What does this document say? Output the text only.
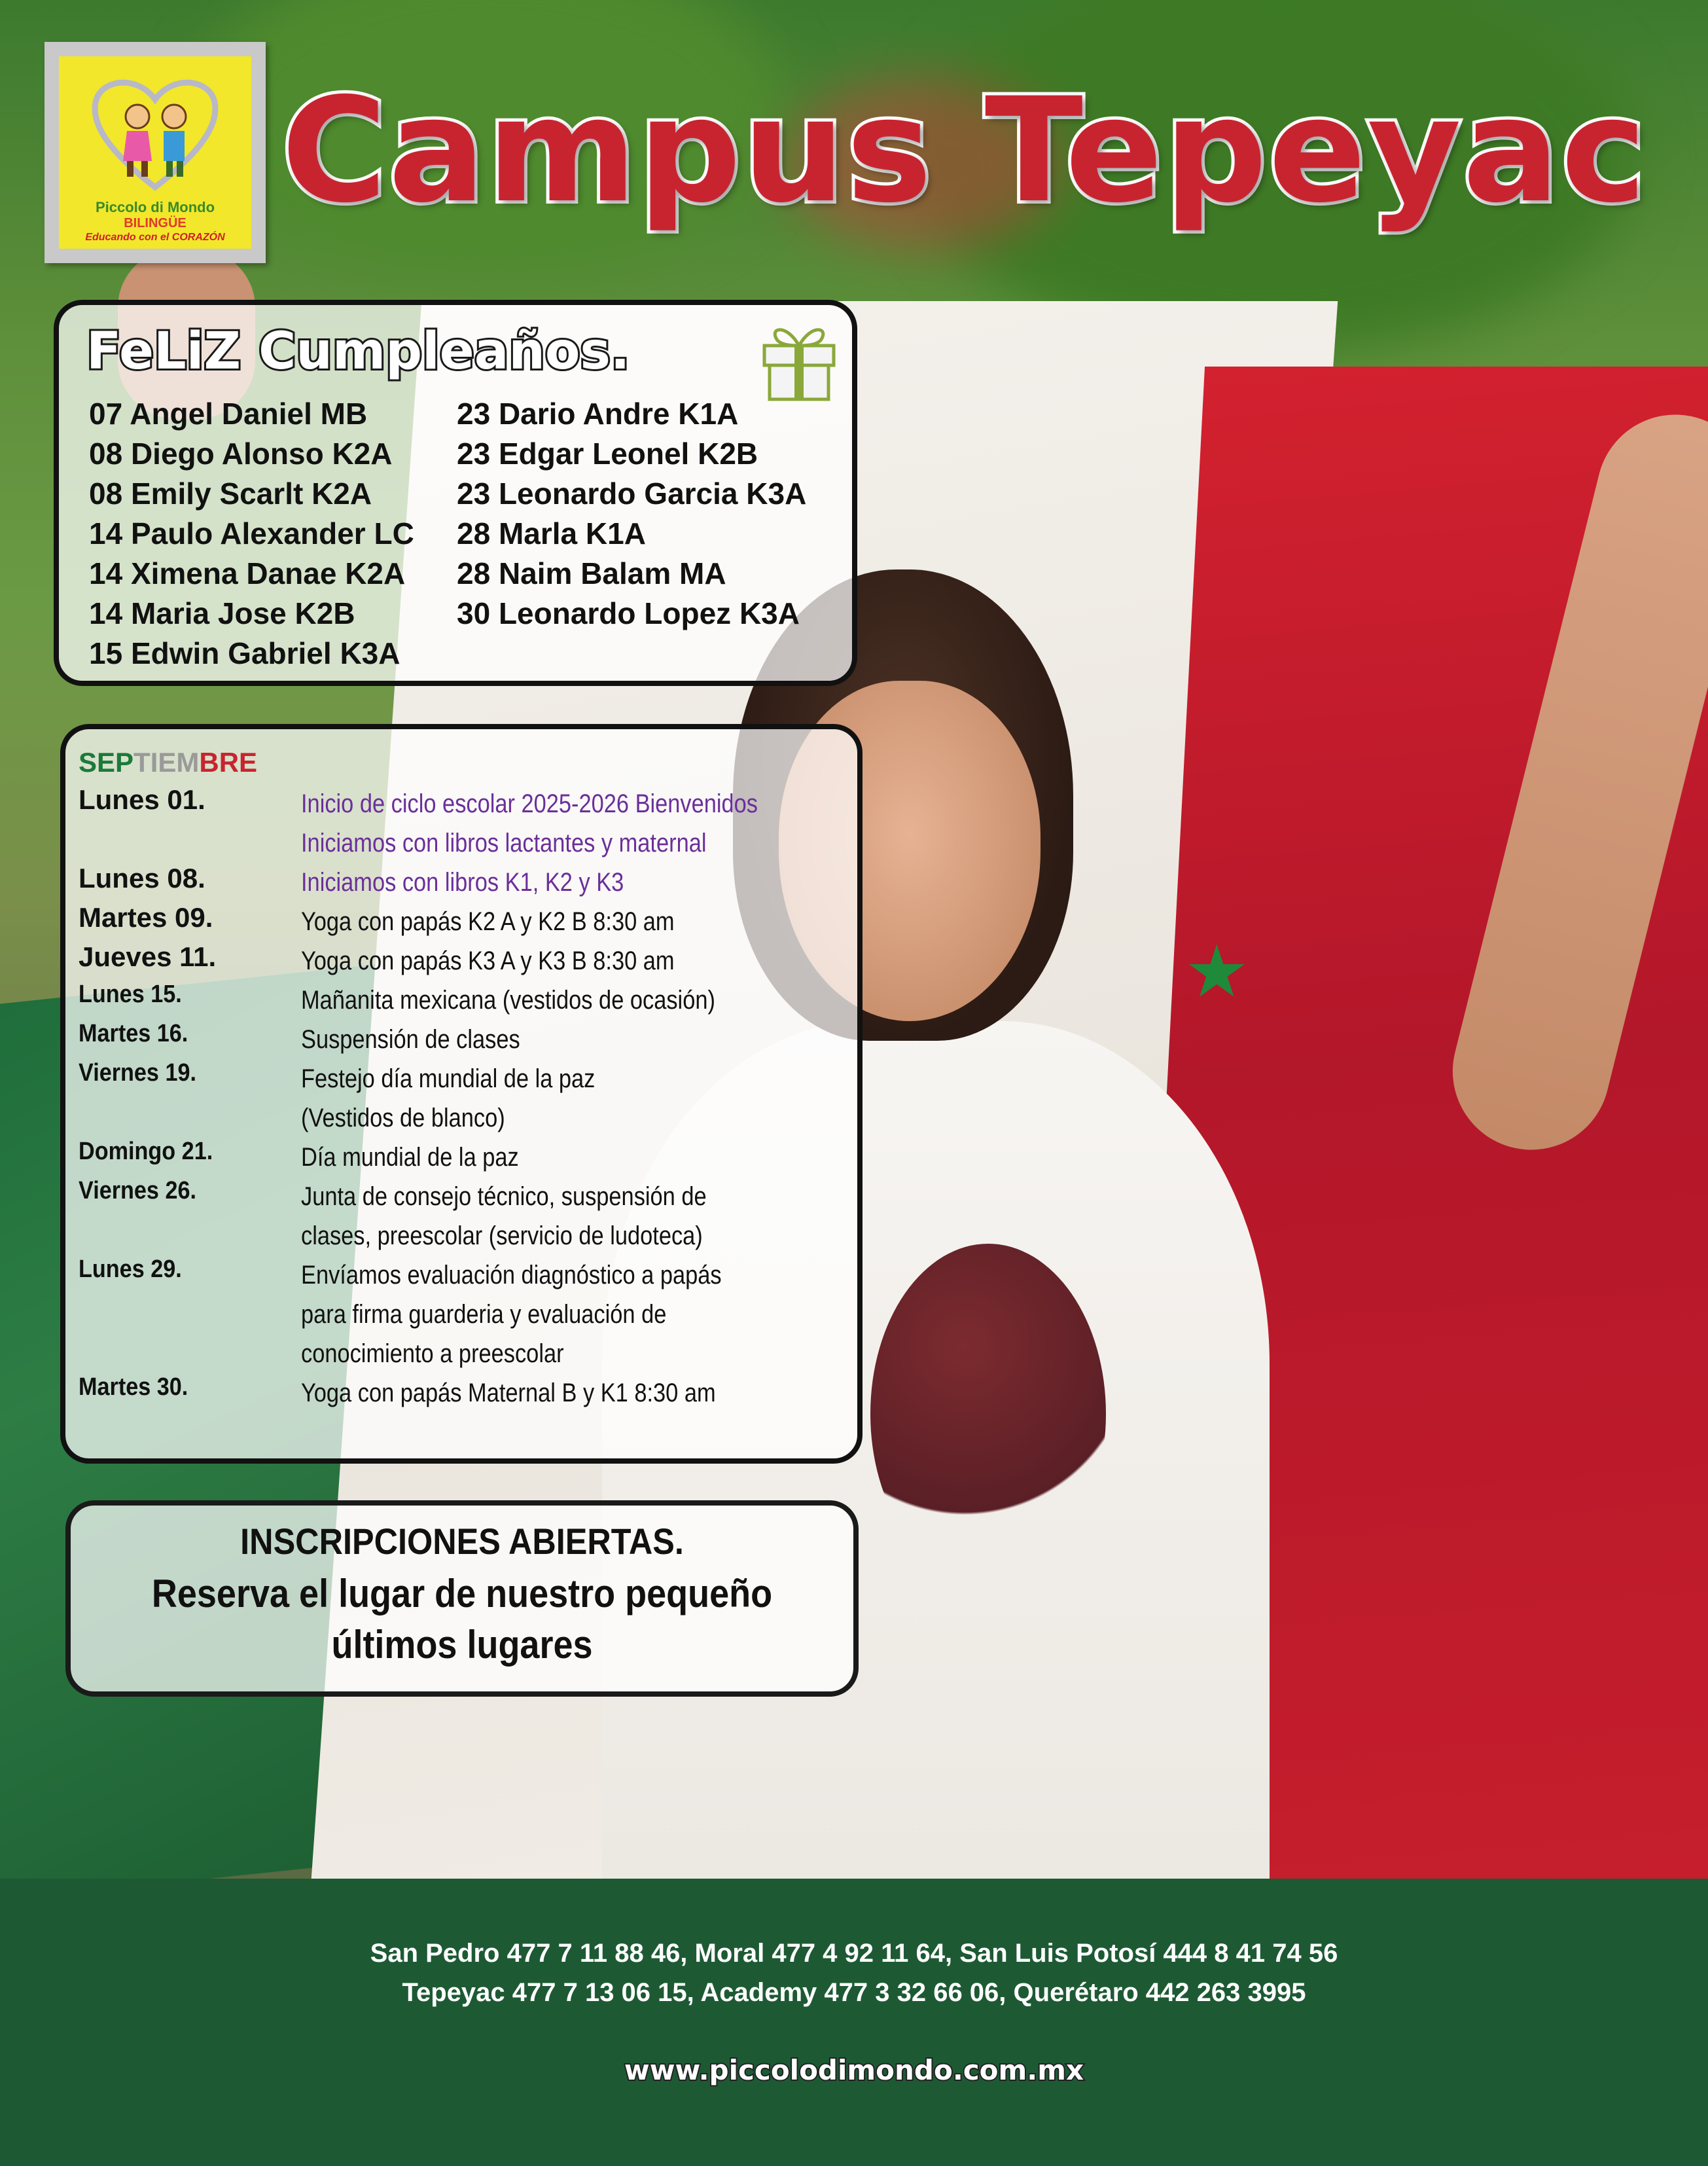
★
Piccolo di Mondo
BILINGÜE
Educando con el CORAZÓN
Campus Tepeyac
FeLiZ Cumpleaños.
07 Angel Daniel MB
08 Diego Alonso K2A
08 Emily Scarlt K2A
14 Paulo Alexander LC
14 Ximena Danae K2A
14 Maria Jose K2B
15 Edwin Gabriel K3A
23 Dario Andre K1A
23 Edgar Leonel K2B
23 Leonardo Garcia K3A
28 Marla K1A
28 Naim Balam MA
30 Leonardo Lopez K3A
SEPTIEMBRE
Lunes 01.	Inicio de ciclo escolar 2025-2026 Bienvenidos
Iniciamos con libros lactantes y maternal
Lunes 08.	Iniciamos con libros K1, K2 y K3
Martes 09.	Yoga con papás K2 A y K2 B 8:30 am
Jueves 11.	Yoga con papás K3 A y K3 B 8:30 am
Lunes 15.	Mañanita mexicana (vestidos de ocasión)
Martes 16.	Suspensión de clases
Viernes 19.	Festejo día mundial de la paz
(Vestidos de blanco)
Domingo 21.	Día mundial de la paz
Viernes 26.	Junta de consejo técnico, suspensión de
clases, preescolar (servicio de ludoteca)
Lunes 29.	Envíamos evaluación diagnóstico a papás
para firma guarderia y evaluación de
conocimiento a preescolar
Martes 30.	Yoga con papás Maternal B y K1 8:30 am
INSCRIPCIONES ABIERTAS.
Reserva el lugar de nuestro pequeño
últimos lugares
San Pedro 477 7 11 88 46, Moral 477 4 92 11 64, San Luis Potosí 444 8 41 74 56
Tepeyac 477 7 13 06 15, Academy 477 3 32 66 06, Querétaro 442 263 3995
www.piccolodimondo.com.mx
